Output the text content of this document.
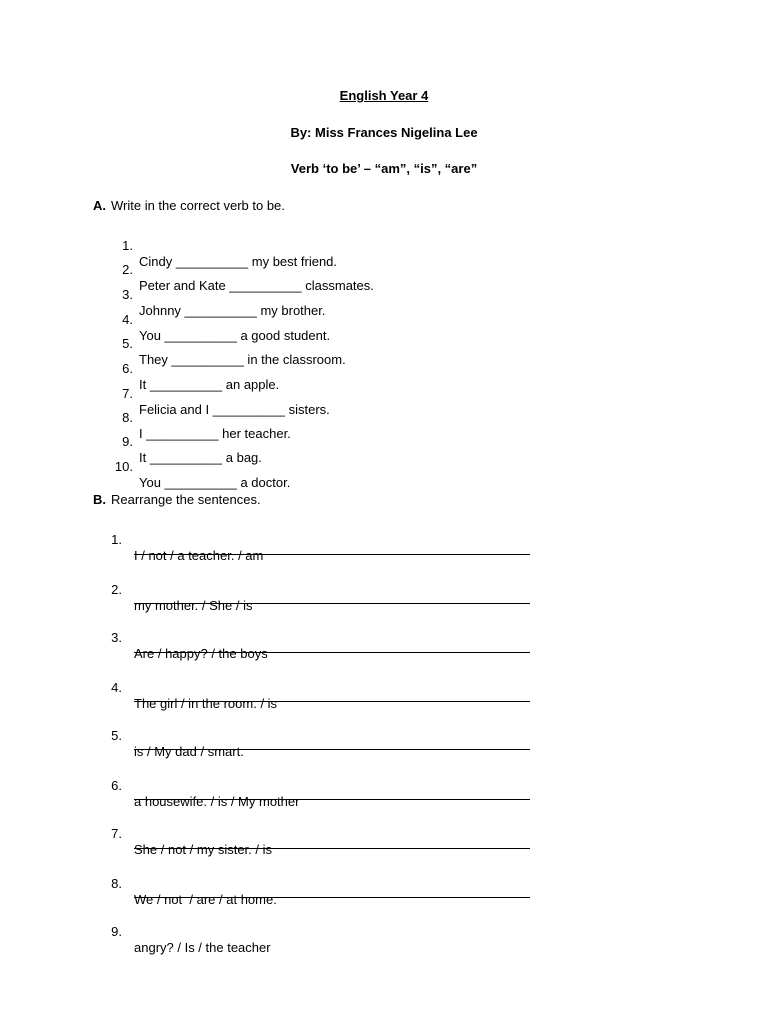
English Year 4
By: Miss Frances Nigelina Lee
Verb ‘to be’ – “am”, “is”, “are”
A. Write in the correct verb to be.

1.

Cindy __________ my best friend.

2.

Peter and Kate __________ classmates.

3.

Johnny __________ my brother.

4.

You __________ a good student.

5.

They __________ in the classroom.

6.

It __________ an apple.

7.

Felicia and I __________ sisters.

8.

I __________ her teacher.

9.

It __________ a bag.

10.

You __________ a doctor.

B. Rearrange the sentences.

1.

I / not / a teacher. / am

2.

my mother. / She / is

3.

Are / happy? / the boys

4.

The girl / in the room. / is

5.

is / My dad / smart.

6.

a housewife. / is / My mother

7.

She / not / my sister. / is

8.

We / not  / are / at home.

9.

angry? / Is / the teacher
